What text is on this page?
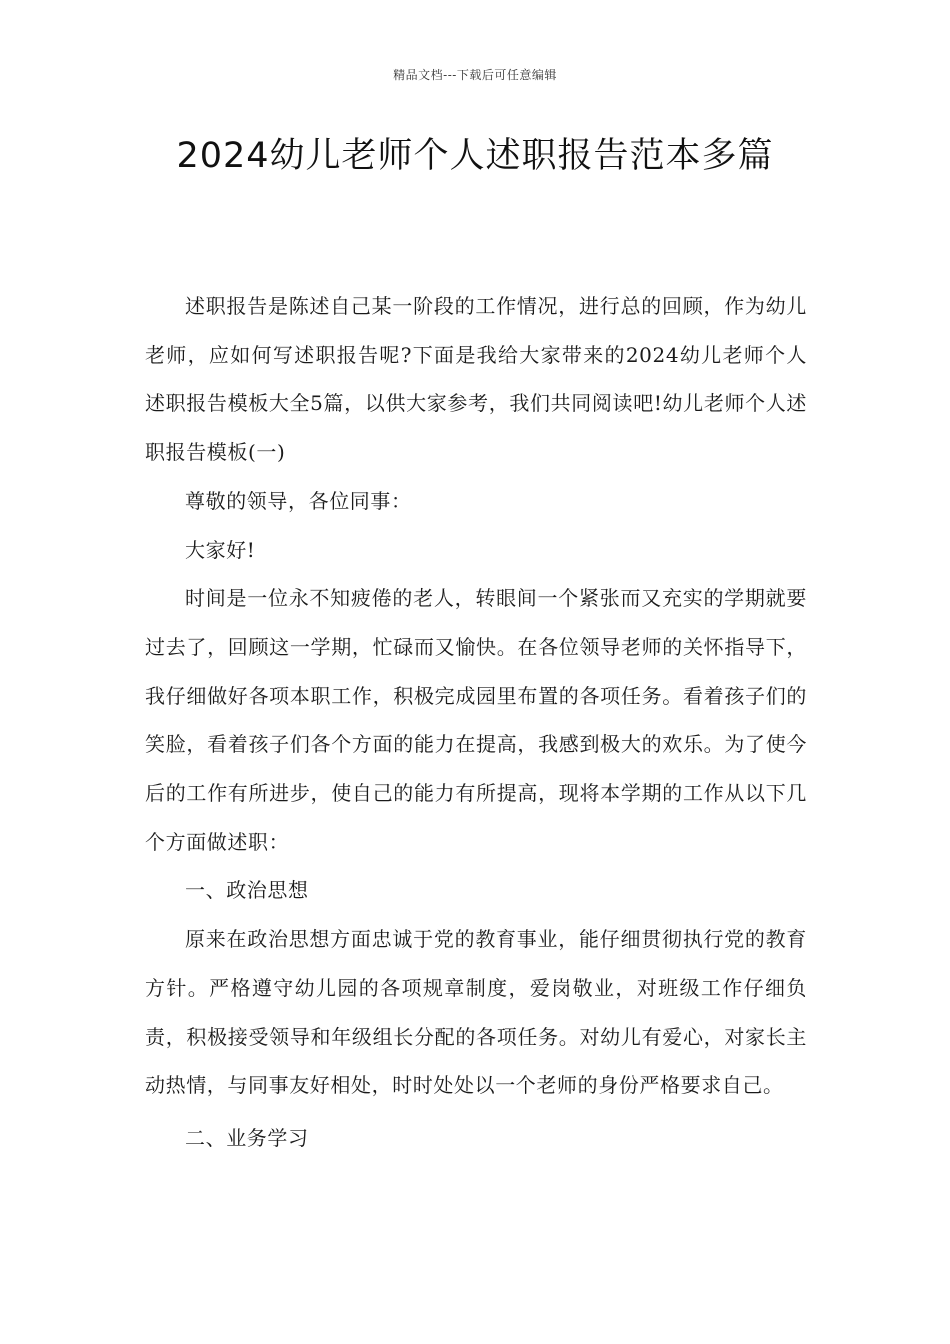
精品文档---下载后可任意编辑
2024幼儿老师个人述职报告范本多篇

述职报告是陈述自己某一阶段的工作情况，进行总的回顾，作为幼儿老师，应如何写述职报告呢?下面是我给大家带来的2024幼儿老师个人述职报告模板大全5篇，以供大家参考，我们共同阅读吧!幼儿老师个人述职报告模板(一)

尊敬的领导，各位同事：

大家好!

时间是一位永不知疲倦的老人，转眼间一个紧张而又充实的学期就要过去了，回顾这一学期，忙碌而又愉快。在各位领导老师的关怀指导下，我仔细做好各项本职工作，积极完成园里布置的各项任务。看着孩子们的笑脸，看着孩子们各个方面的能力在提高，我感到极大的欢乐。为了使今后的工作有所进步，使自己的能力有所提高，现将本学期的工作从以下几个方面做述职：

一、政治思想

原来在政治思想方面忠诚于党的教育事业，能仔细贯彻执行党的教育方针。严格遵守幼儿园的各项规章制度，爱岗敬业，对班级工作仔细负责，积极接受领导和年级组长分配的各项任务。对幼儿有爱心，对家长主动热情，与同事友好相处，时时处处以一个老师的身份严格要求自己。

二、业务学习
